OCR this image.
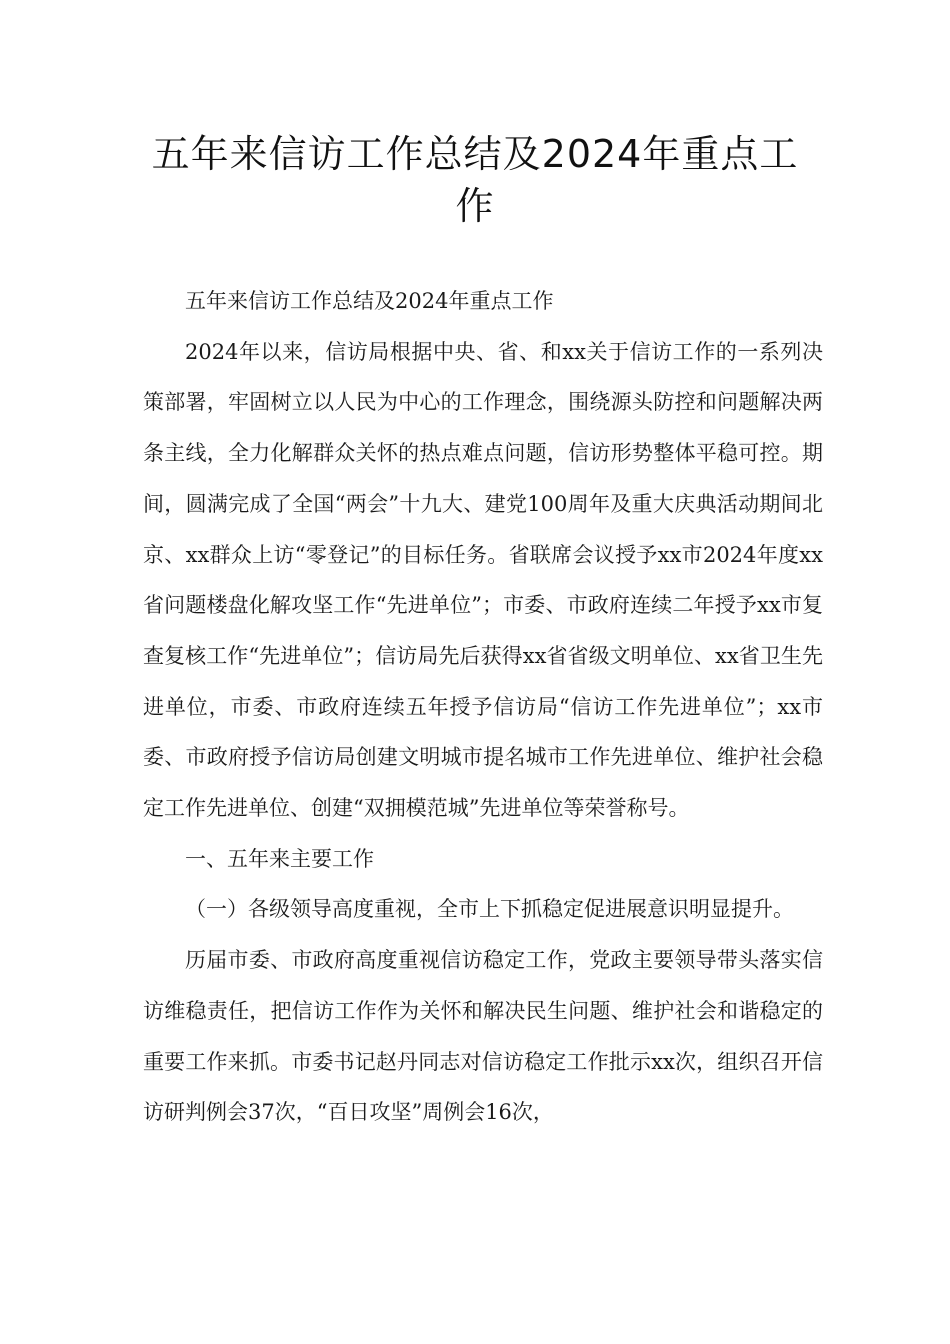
五年来信访工作总结及2024年重点工作

五年来信访工作总结及2024年重点工作

2024年以来，信访局根据中央、省、和xx关于信访工作的一系列决策部署，牢固树立以人民为中心的工作理念，围绕源头防控和问题解决两条主线，全力化解群众关怀的热点难点问题，信访形势整体平稳可控。期间，圆满完成了全国“两会”十九大、建党100周年及重大庆典活动期间北京、xx群众上访“零登记”的目标任务。省联席会议授予xx市2024年度xx省问题楼盘化解攻坚工作“先进单位”；市委、市政府连续二年授予xx市复查复核工作“先进单位”；信访局先后获得xx省省级文明单位、xx省卫生先进单位，市委、市政府连续五年授予信访局“信访工作先进单位”；xx市委、市政府授予信访局创建文明城市提名城市工作先进单位、维护社会稳定工作先进单位、创建“双拥模范城”先进单位等荣誉称号。

一、五年来主要工作

（一）各级领导高度重视，全市上下抓稳定促进展意识明显提升。

历届市委、市政府高度重视信访稳定工作，党政主要领导带头落实信访维稳责任，把信访工作作为关怀和解决民生问题、维护社会和谐稳定的重要工作来抓。市委书记赵丹同志对信访稳定工作批示xx次，组织召开信访研判例会37次，“百日攻坚”周例会16次，
